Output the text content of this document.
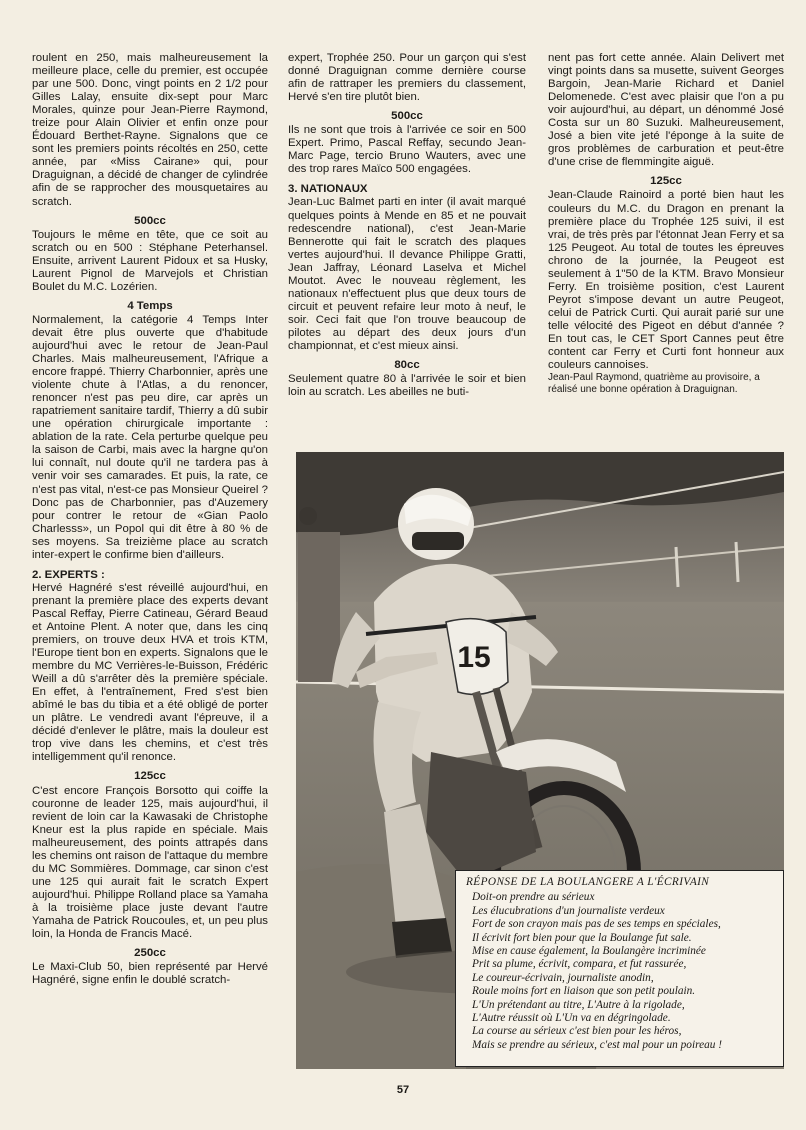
roulent en 250, mais malheureusement la meilleure place, celle du premier, est occupée par une 500. Donc, vingt points en 2 1/2 pour Gilles Lalay, ensuite dix-sept pour Marc Morales, quinze pour Jean-Pierre Raymond, treize pour Alain Olivier et enfin onze pour Édouard Berthet-Rayne. Signalons que ce sont les premiers points récoltés en 250, cette année, par «Miss Cairane» qui, pour Draguignan, a décidé de changer de cylindrée afin de se rapprocher des mousquetaires au scratch.

500cc

Toujours le même en tête, que ce soit au scratch ou en 500 : Stéphane Peterhansel. Ensuite, arrivent Laurent Pidoux et sa Husky, Laurent Pignol de Marvejols et Christian Boulet du M.C. Lozérien.

4 Temps

Normalement, la catégorie 4 Temps Inter devait être plus ouverte que d'habitude aujourd'hui avec le retour de Jean-Paul Charles. Mais malheureusement, l'Afrique a encore frappé. Thierry Charbonnier, après une violente chute à l'Atlas, a du renoncer, renoncer n'est pas peu dire, car après un rapatriement sanitaire tardif, Thierry a dû subir une opération chirurgicale importante : ablation de la rate. Cela perturbe quelque peu la saison de Carbi, mais avec la hargne qu'on lui connaît, nul doute qu'il ne tardera pas à venir voir ses camarades. Et puis, la rate, ce n'est pas vital, n'est-ce pas Monsieur Queirel ? Donc pas de Charbonnier, pas d'Auzemery pour contrer le retour de «Gian Paolo Charlesss», un Popol qui dit être à 80 % de ses moyens. Sa treizième place au scratch inter-expert le confirme bien d'ailleurs.

2. EXPERTS :

Hervé Hagnéré s'est réveillé aujourd'hui, en prenant la première place des experts devant Pascal Reffay, Pierre Catineau, Gérard Beaud et Antoine Plent. A noter que, dans les cinq premiers, on trouve deux HVA et trois KTM, l'Europe tient bon en experts. Signalons que le membre du MC Verrières-le-Buisson, Frédéric Weill a dû s'arrêter dès la première spéciale. En effet, à l'entraînement, Fred s'est bien abîmé le bas du tibia et a été obligé de porter un plâtre. Le vendredi avant l'épreuve, il a décidé d'enlever le plâtre, mais la douleur est trop vive dans les chemins, et c'est très intelligemment qu'il renonce.

125cc

C'est encore François Borsotto qui coiffe la couronne de leader 125, mais aujourd'hui, il revient de loin car la Kawasaki de Christophe Kneur est la plus rapide en spéciale. Mais malheureusement, des points attrapés dans les chemins ont raison de l'attaque du membre du MC Sommières. Dommage, car sinon c'est une 125 qui aurait fait le scratch Expert aujourd'hui. Philippe Rolland place sa Yamaha à la troisième place juste devant l'autre Yamaha de Patrick Roucoules, et, un peu plus loin, la Honda de Francis Macé.

250cc

Le Maxi-Club 50, bien représenté par Hervé Hagnéré, signe enfin le doublé scratch-

expert, Trophée 250. Pour un garçon qui s'est donné Draguignan comme dernière course afin de rattraper les premiers du classement, Hervé s'en tire plutôt bien.

500cc

Ils ne sont que trois à l'arrivée ce soir en 500 Expert. Primo, Pascal Reffay, secundo Jean-Marc Page, tercio Bruno Wauters, avec une des trop rares Maïco 500 engagées.

3. NATIONAUX

Jean-Luc Balmet parti en inter (il avait marqué quelques points à Mende en 85 et ne pouvait redescendre national), c'est Jean-Marie Bennerotte qui fait le scratch des plaques vertes aujourd'hui. Il devance Philippe Gratti, Jean Jaffray, Léonard Laselva et Michel Moutot. Avec le nouveau règlement, les nationaux n'effectuent plus que deux tours de circuit et peuvent refaire leur moto à neuf, le soir. Ceci fait que l'on trouve beaucoup de pilotes au départ des deux jours d'un championnat, et c'est mieux ainsi.

80cc

Seulement quatre 80 à l'arrivée le soir et bien loin au scratch. Les abeilles ne buti-

nent pas fort cette année. Alain Delivert met vingt points dans sa musette, suivent Georges Bargoin, Jean-Marie Richard et Daniel Delomenede. C'est avec plaisir que l'on a pu voir aujourd'hui, au départ, un dénommé José Costa sur un 80 Suzuki. Malheureusement, José a bien vite jeté l'éponge à la suite de gros problèmes de carburation et peut-être d'une crise de flemmingite aiguë.

125cc

Jean-Claude Rainoird a porté bien haut les couleurs du M.C. du Dragon en prenant la première place du Trophée 125 suivi, il est vrai, de très près par l'étonnat Jean Ferry et sa 125 Peugeot. Au total de toutes les épreuves chrono de la journée, la Peugeot est seulement à 1"50 de la KTM. Bravo Monsieur Ferry. En troisième position, c'est Laurent Peyrot s'impose devant un autre Peugeot, celui de Patrick Curti. Qui aurait parié sur une telle vélocité des Pigeot en début d'année ? En tout cas, le CET Sport Cannes peut être content car Ferry et Curti font honneur aux couleurs cannoises.

Jean-Paul Raymond, quatrième au provisoire, a réalisé une bonne opération à Draguignan.

15
RÉPONSE DE LA BOULANGERE A L'ÉCRIVAIN
Doit-on prendre au sérieux
Les élucubrations d'un journaliste verdeux
Fort de son crayon mais pas de ses temps en spéciales,
Il écrivit fort bien pour que la Boulange fut sale.
Mise en cause également, la Boulangère incriminée
Prit sa plume, écrivit, compara, et fut rassurée,
Le coureur-écrivain, journaliste anodin,
Roule moins fort en liaison que son petit poulain.
L'Un prétendant au titre, L'Autre à la rigolade,
L'Autre réussit où L'Un va en dégringolade.
La course au sérieux c'est bien pour les héros,
Mais se prendre au sérieux, c'est mal pour un poireau !
57
